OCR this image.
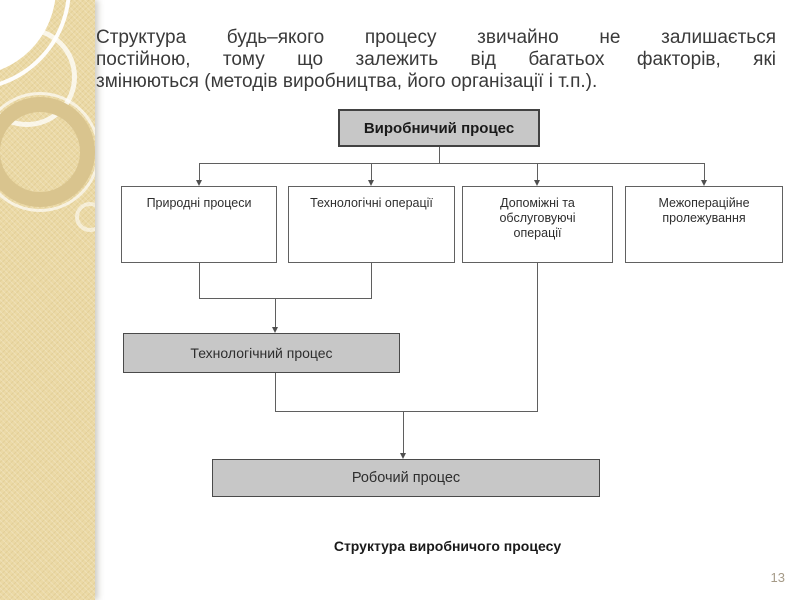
Структура будь–якого процесу звичайно не залишається
постійною, тому що залежить від багатьох факторів, які
змінюються (методів виробництва, його організації і т.п.).
Виробничий процес
Природні процеси	Технологічні операції	Допоміжні та обслуговуючі операції
Межопераційне пролежування
Технологічний процес
Робочий процес
Структура виробничого процесу
13
